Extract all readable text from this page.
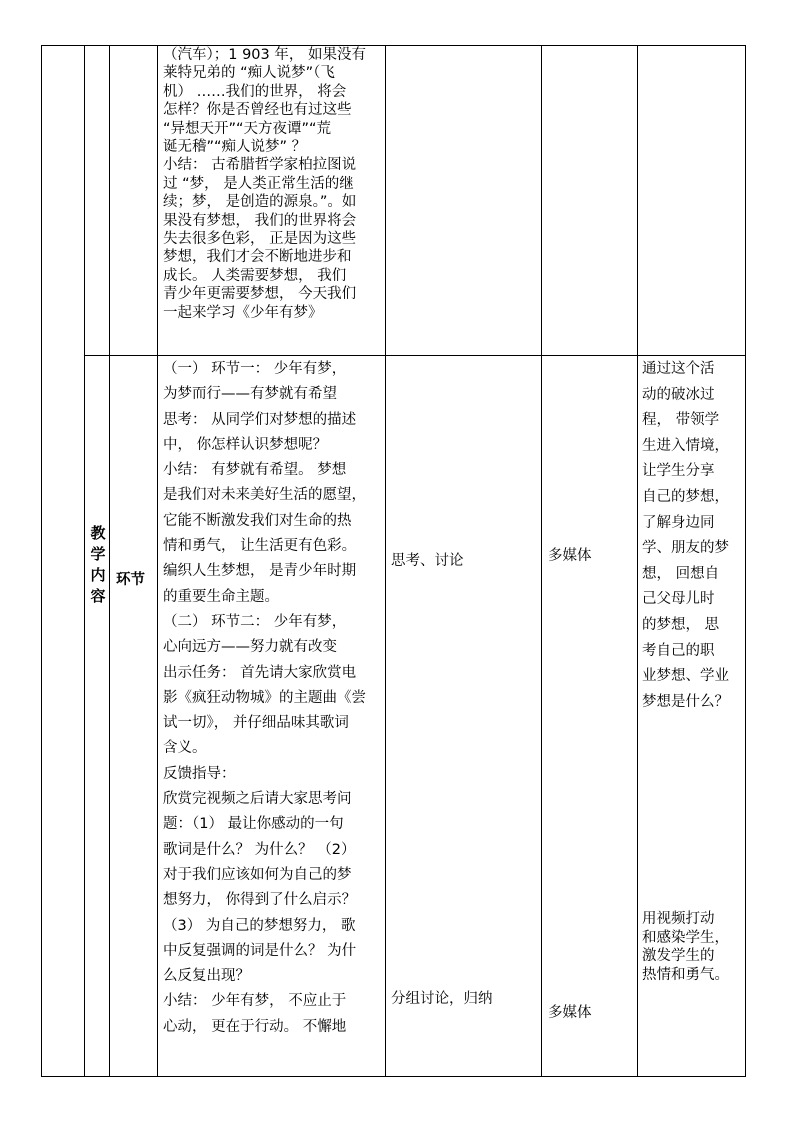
（汽车）；1 903 年， 如果没有

莱特兄弟的 “痴人说梦”（飞

机） ……我们的世界， 将会

怎样？你是否曾经也有过这些

“异想天开”“天方夜谭”“荒

诞无稽”“痴人说梦” ？

小结： 古希腊哲学家柏拉图说

过 “梦， 是人类正常生活的继

续；梦， 是创造的源泉。”。如

果没有梦想， 我们的世界将会

失去很多色彩， 正是因为这些

梦想，我们才会不断地进步和

成长。 人类需要梦想， 我们

青少年更需要梦想， 今天我们

一起来学习《少年有梦》

教
学
内
容
环节

（一） 环节一： 少年有梦，

为梦而行——有梦就有希望

思考： 从同学们对梦想的描述

中， 你怎样认识梦想呢？

小结： 有梦就有希望。 梦想

是我们对未来美好生活的愿望，

它能不断激发我们对生命的热

情和勇气， 让生活更有色彩。

编织人生梦想， 是青少年时期

的重要生命主题。

（二） 环节二： 少年有梦，

心向远方——努力就有改变

出示任务： 首先请大家欣赏电

影《疯狂动物城》的主题曲《尝

试一切》， 并仔细品味其歌词

含义。

反馈指导：

欣赏完视频之后请大家思考问

题：（1） 最让你感动的一句

歌词是什么？ 为什么？ （2）

对于我们应该如何为自己的梦

想努力， 你得到了什么启示？

（3） 为自己的梦想努力， 歌

中反复强调的词是什么？ 为什

么反复出现？

小结： 少年有梦， 不应止于

心动， 更在于行动。 不懈地

思考、讨论
分组讨论，归纳
多媒体
多媒体

通过这个活

动的破冰过

程， 带领学

生进入情境，

让学生分享

自己的梦想，

了解身边同

学、朋友的梦

想， 回想自

己父母儿时

的梦想， 思

考自己的职

业梦想、学业

梦想是什么？

用视频打动

和感染学生，

激发学生的

热情和勇气。
